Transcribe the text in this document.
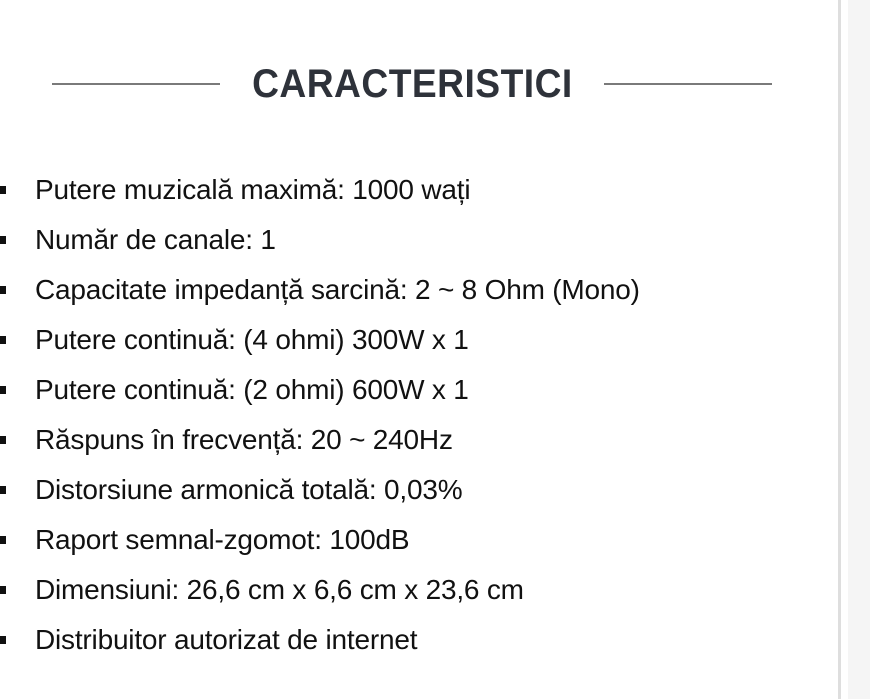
CARACTERISTICI
Putere muzicală maximă: 1000 wați
Număr de canale: 1
Capacitate impedanță sarcină: 2 ~ 8 Ohm (Mono)
Putere continuă: (4 ohmi) 300W x 1
Putere continuă: (2 ohmi) 600W x 1
Răspuns în frecvență: 20 ~ 240Hz
Distorsiune armonică totală: 0,03%
Raport semnal-zgomot: 100dB
Dimensiuni: 26,6 cm x 6,6 cm x 23,6 cm
Distribuitor autorizat de internet
